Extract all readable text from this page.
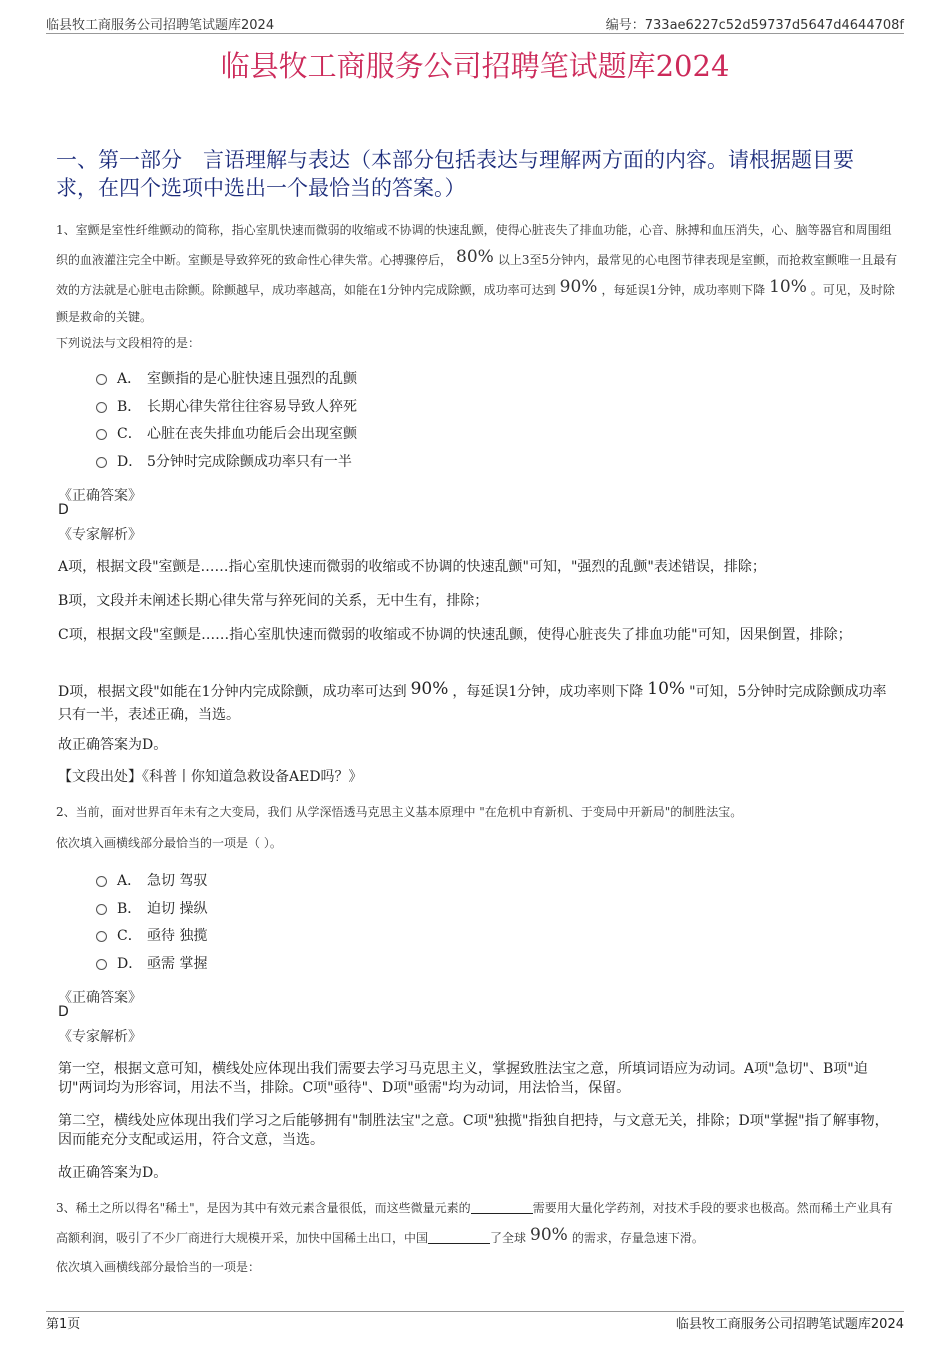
临县牧工商服务公司招聘笔试题库2024	编号：733ae6227c52d59737d5647d4644708f
临县牧工商服务公司招聘笔试题库2024
一、第一部分　言语理解与表达（本部分包括表达与理解两方面的内容。请根据题目要求，在四个选项中选出一个最恰当的答案。）
1、室颤是室性纤维颤动的简称，指心室肌快速而微弱的收缩或不协调的快速乱颤，使得心脏丧失了排血功能，心音、脉搏和血压消失，心、脑等器官和周围组织的血液灌注完全中断。室颤是导致猝死的致命性心律失常。心搏骤停后， 80% 以上3至5分钟内，最常见的心电图节律表现是室颤，而抢救室颤唯一且最有效的方法就是心脏电击除颤。除颤越早，成功率越高，如能在1分钟内完成除颤，成功率可达到 90% ，每延误1分钟，成功率则下降 10% 。可见，及时除颤是救命的关键。
下列说法与文段相符的是：
A． 室颤指的是心脏快速且强烈的乱颤
B． 长期心律失常往往容易导致人猝死
C． 心脏在丧失排血功能后会出现室颤
D． 5分钟时完成除颤成功率只有一半
《正确答案》
D
《专家解析》
A项，根据文段"室颤是……指心室肌快速而微弱的收缩或不协调的快速乱颤"可知，"强烈的乱颤"表述错误，排除；
B项，文段并未阐述长期心律失常与猝死间的关系，无中生有，排除；
C项，根据文段"室颤是……指心室肌快速而微弱的收缩或不协调的快速乱颤，使得心脏丧失了排血功能"可知，因果倒置，排除；
D项，根据文段"如能在1分钟内完成除颤，成功率可达到 90% ，每延误1分钟，成功率则下降 10% "可知，5分钟时完成除颤成功率只有一半，表述正确，当选。
故正确答案为D。
【文段出处】《科普丨你知道急救设备AED吗？》
2、当前，面对世界百年未有之大变局，我们 从学深悟透马克思主义基本原理中 "在危机中育新机、于变局中开新局"的制胜法宝。
依次填入画横线部分最恰当的一项是（ ）。
A． 急切 驾驭
B． 迫切 操纵
C． 亟待 独揽
D． 亟需 掌握
《正确答案》
D
《专家解析》
第一空，根据文意可知，横线处应体现出我们需要去学习马克思主义，掌握致胜法宝之意，所填词语应为动词。A项"急切"、B项"迫切"两词均为形容词，用法不当，排除。C项"亟待"、D项"亟需"均为动词，用法恰当，保留。
第二空，横线处应体现出我们学习之后能够拥有"制胜法宝"之意。C项"独揽"指独自把持，与文意无关，排除；D项"掌握"指了解事物，因而能充分支配或运用，符合文意，当选。
故正确答案为D。
3、稀土之所以得名"稀土"，是因为其中有效元素含量很低，而这些微量元素的	需要用大量化学药剂，对技术手段的要求也极高。然而稀土产业具有高额利润，吸引了不少厂商进行大规模开采，加快中国稀土出口，中国	了全球 90% 的需求，存量急速下滑。
依次填入画横线部分最恰当的一项是：
第1页	临县牧工商服务公司招聘笔试题库2024
